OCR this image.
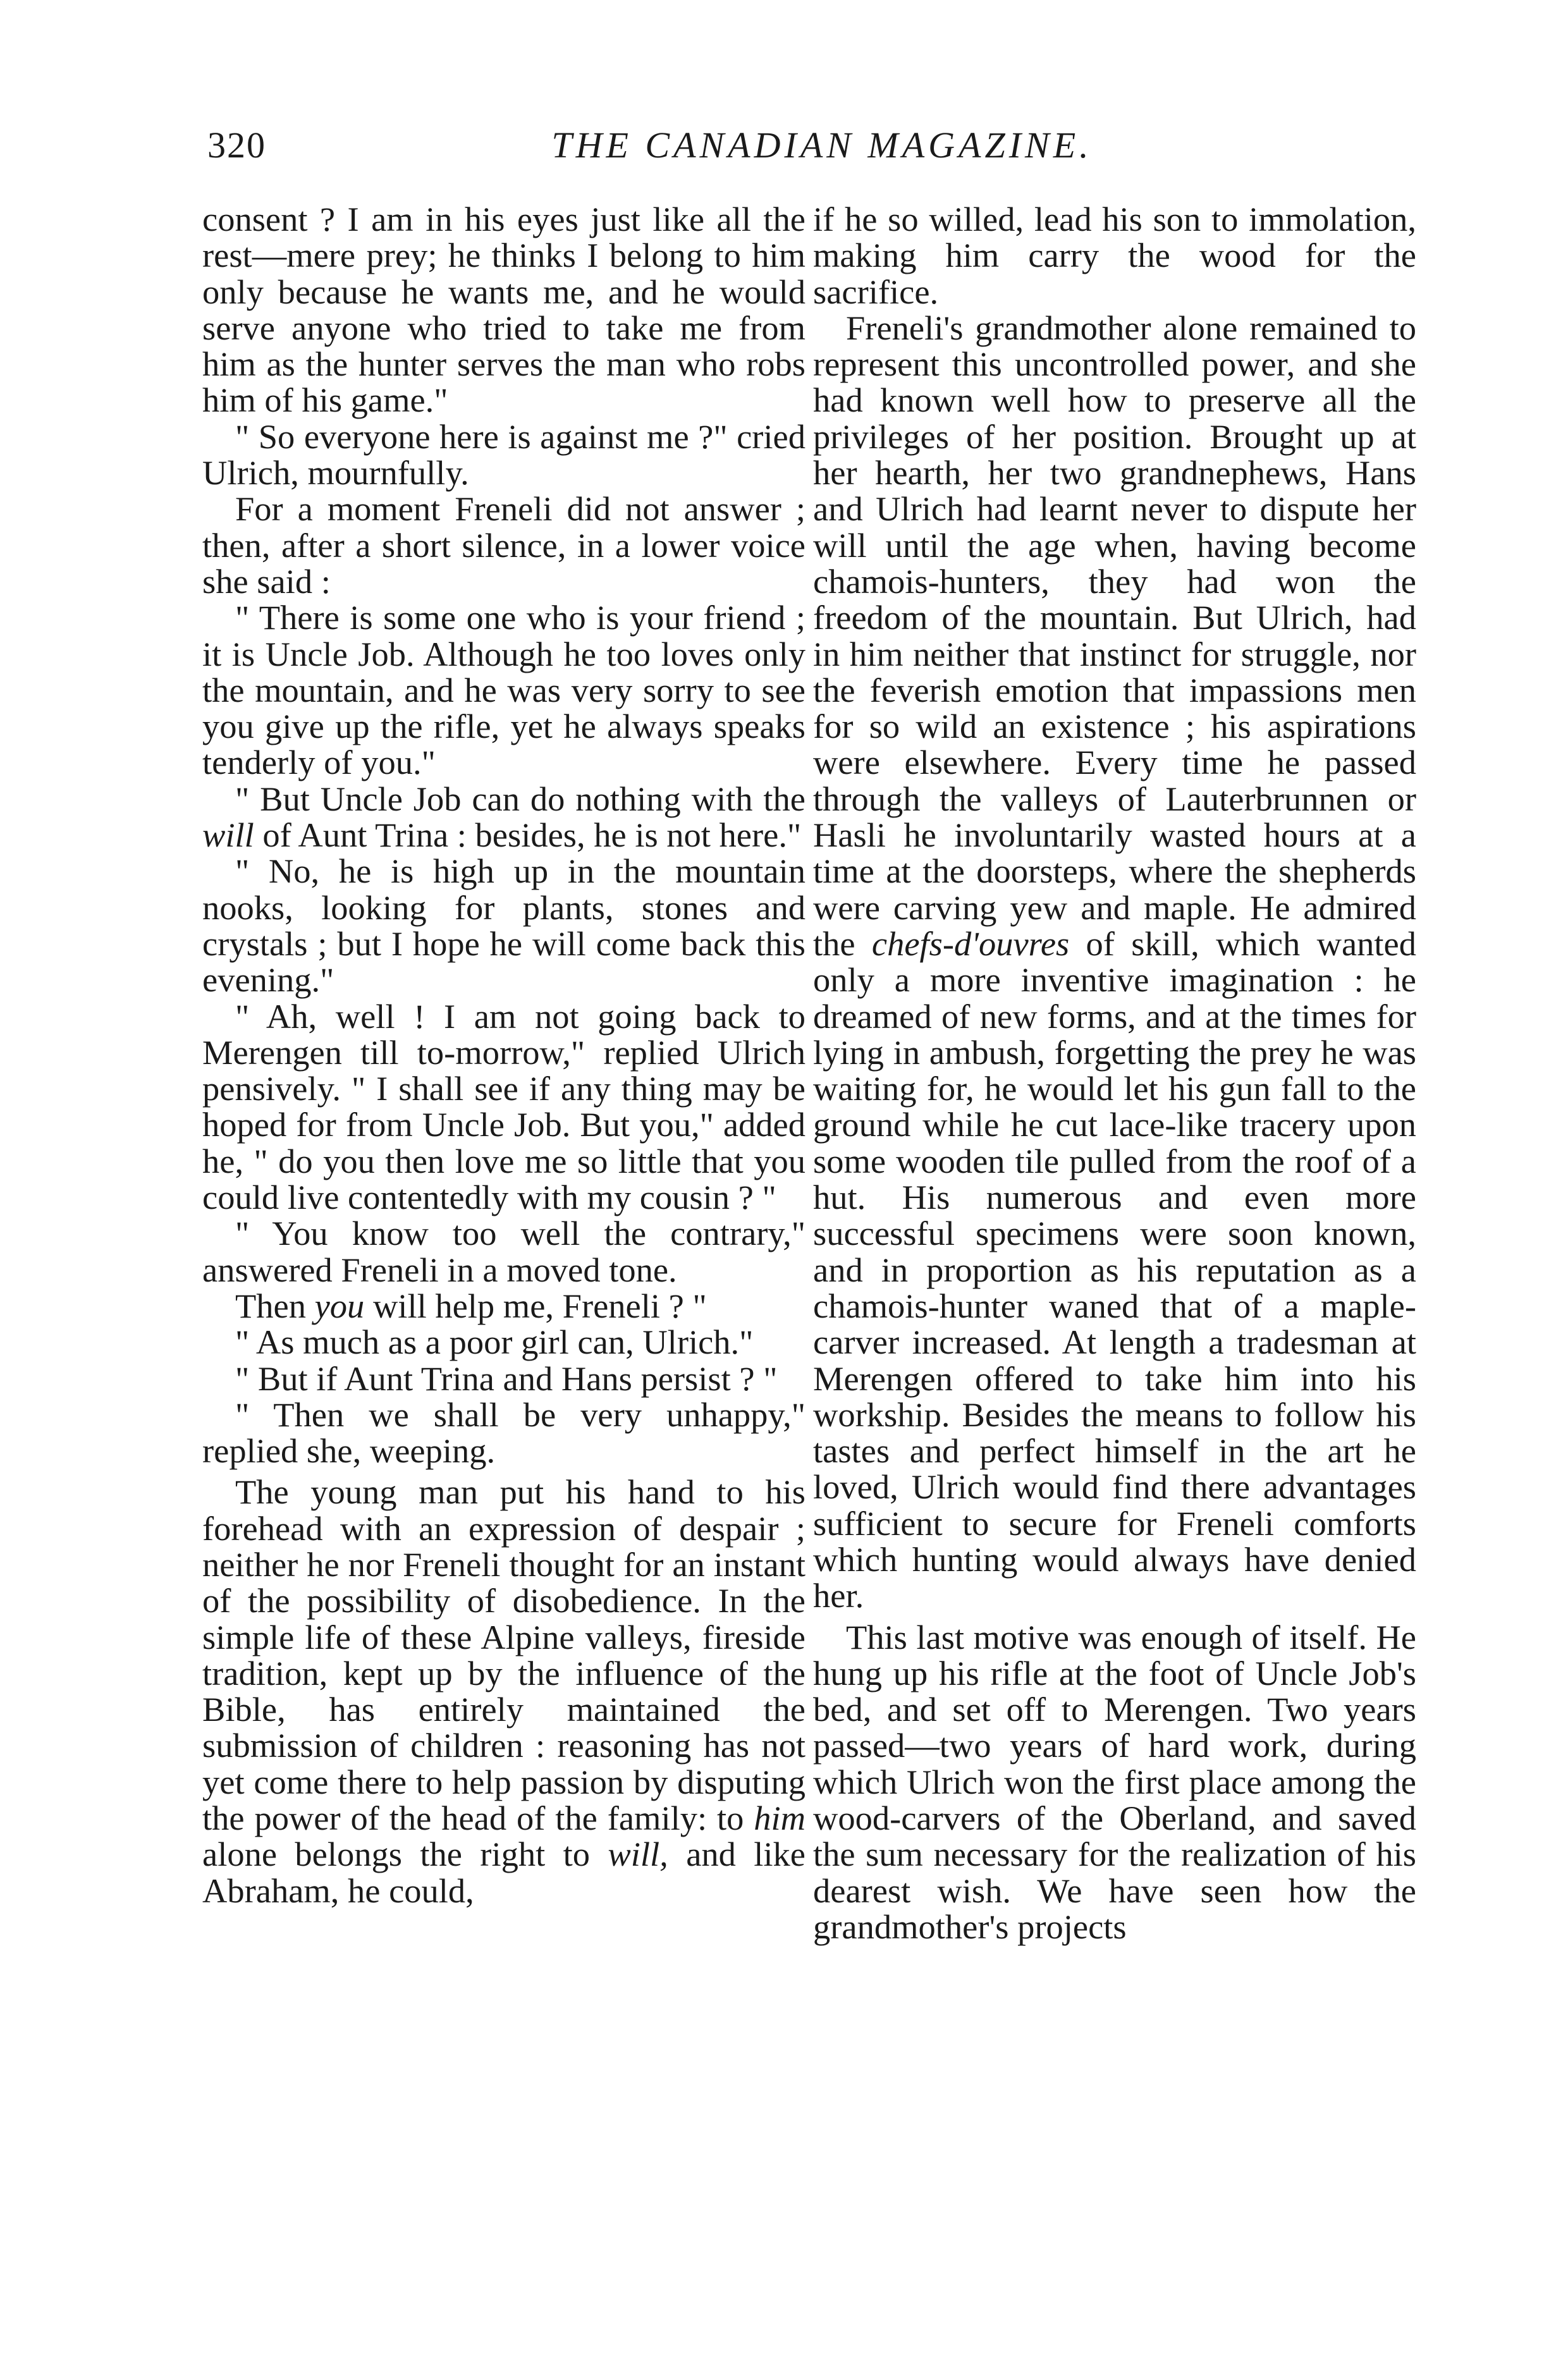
320	THE CANADIAN MAGAZINE.

consent ? I am in his eyes just like all the rest—mere prey; he thinks I belong to him only because he wants me, and he would serve anyone who tried to take me from him as the hunter serves the man who robs him of his game."

" So everyone here is against me ?" cried Ulrich, mournfully.

For a moment Freneli did not answer ; then, after a short silence, in a lower voice she said :

" There is some one who is your friend ; it is Uncle Job. Although he too loves only the mountain, and he was very sorry to see you give up the rifle, yet he always speaks tenderly of you."

" But Uncle Job can do nothing with the will of Aunt Trina : besides, he is not here."

" No, he is high up in the mountain nooks, looking for plants, stones and crystals ; but I hope he will come back this evening."

" Ah, well ! I am not going back to Merengen till to-morrow," replied Ulrich pensively. " I shall see if any thing may be hoped for from Uncle Job. But you," added he, " do you then love me so little that you could live contentedly with my cousin ? "

" You know too well the contrary," answered Freneli in a moved tone.

Then you will help me, Freneli ? "

" As much as a poor girl can, Ulrich."

" But if Aunt Trina and Hans persist ? "

" Then we shall be very unhappy," replied she, weeping.

The young man put his hand to his forehead with an expression of despair ; neither he nor Freneli thought for an instant of the possibility of disobedience. In the simple life of these Alpine valleys, fireside tradition, kept up by the influence of the Bible, has entirely maintained the submission of children : reasoning has not yet come there to help passion by disputing the power of the head of the family: to him alone belongs the right to will, and like Abraham, he could,

if he so willed, lead his son to immolation, making him carry the wood for the sacrifice.

Freneli's grandmother alone remained to represent this uncontrolled power, and she had known well how to preserve all the privileges of her position. Brought up at her hearth, her two grandnephews, Hans and Ulrich had learnt never to dispute her will until the age when, having become chamois-hunters, they had won the freedom of the mountain. But Ulrich, had in him neither that instinct for struggle, nor the feverish emotion that impassions men for so wild an existence ; his aspirations were elsewhere. Every time he passed through the valleys of Lauterbrunnen or Hasli he involuntarily wasted hours at a time at the doorsteps, where the shepherds were carving yew and maple. He admired the chefs-d'ouvres of skill, which wanted only a more inventive imagination : he dreamed of new forms, and at the times for lying in ambush, forgetting the prey he was waiting for, he would let his gun fall to the ground while he cut lace-like tracery upon some wooden tile pulled from the roof of a hut. His numerous and even more successful specimens were soon known, and in proportion as his reputation as a chamois-hunter waned that of a maple-carver increased. At length a tradesman at Merengen offered to take him into his workship. Besides the means to follow his tastes and perfect himself in the art he loved, Ulrich would find there advantages sufficient to secure for Freneli comforts which hunting would always have denied her.

This last motive was enough of itself. He hung up his rifle at the foot of Uncle Job's bed, and set off to Merengen. Two years passed—two years of hard work, during which Ulrich won the first place among the wood-carvers of the Oberland, and saved the sum necessary for the realization of his dearest wish. We have seen how the grandmother's projects
